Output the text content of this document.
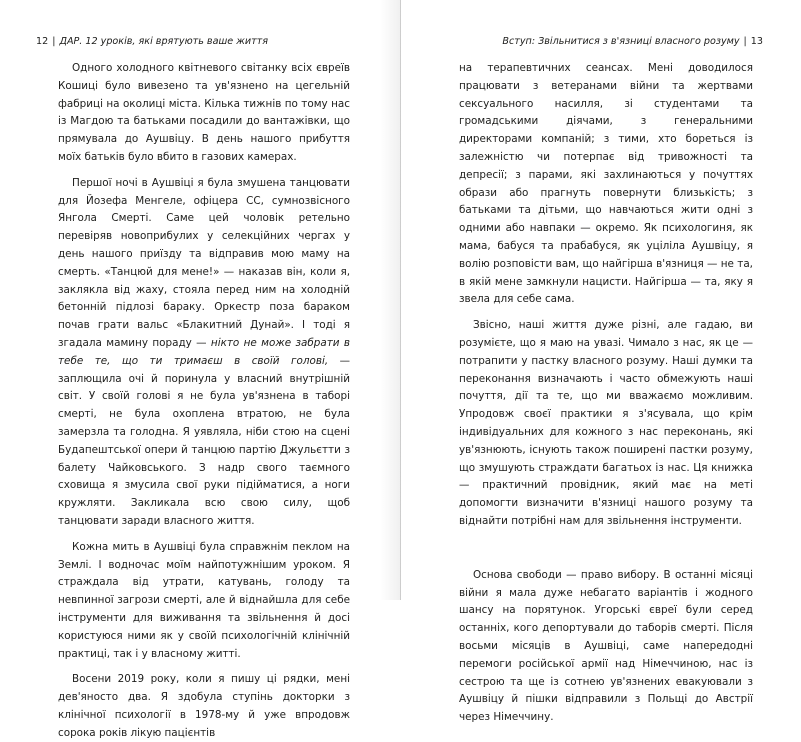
12 | ДАР. 12 уроків, які врятують ваше життя

Одного холодного квітневого світанку всіх євреїв Кошиці було вивезено та ув'язнено на цегельній фабриці на околиці міста. Кілька тижнів по тому нас із Магдою та батьками посадили до вантажівки, що прямувала до Аушвіцу. В день нашого прибуття моїх батьків було вбито в газових камерах.

Першої ночі в Аушвіці я була змушена танцювати для Йозефа Менгеле, офіцера СС, сумнозвісного Янгола Смерті. Саме цей чоловік ретельно перевіряв новоприбулих у селекційних чергах у день нашого приїзду та відправив мою маму на смерть. «Танцюй для мене!» — наказав він, коли я, закляклa від жаху, стояла перед ним на холодній бетонній підлозі бараку. Оркестр поза бараком почав грати вальс «Блакитний Дунай». І тоді я згадала мамину пораду — нікто не може забрати в тебе те, що ти тримаєш в своїй голові, — заплющила очі й поринула у власний внутрішній світ. У своїй голові я не була ув'язнена в таборі смерті, не була охоплена втратою, не була замерзла та голодна. Я уявляла, ніби стою на сцені Будапештської опери й танцюю партію Джульєтти з балету Чайковського. З надр свого таємного сховища я змусила свої руки підійматися, а ноги кружляти. Закликала всю свою силу, щоб танцювати заради власного життя.

Кожна мить в Аушвіці була справжнім пеклом на Землі. І водночас моїм найпотужнішим уроком. Я страждала від утрати, катувань, голоду та невпинної загрози смерті, але й віднайшла для себе інструменти для виживання та звільнення й досі користуюся ними як у своїй психологічній клінічній практиці, так і у власному житті.

Восени 2019 року, коли я пишу ці рядки, мені дев'яносто два. Я здобула ступінь докторки з клінічної психології в 1978-му й уже впродовж сорока років лікую пацієнтів

Вступ: Звільнитися з в'язниці власного розуму | 13

на терапевтичних сеансах. Мені доводилося працювати з ветеранами війни та жертвами сексуального насилля, зі студентами та громадськими діячами, з генеральними директорами компаній; з тими, хто бореться із залежністю чи потерпає від тривожності та депресії; з парами, які захлинаються у почуттях образи або прагнуть повернути близькість; з батьками та дітьми, що навчаються жити одні з одними або навпаки — окремо. Як психологиня, як мама, бабуся та прабабуся, як уцілiла Аушвіцу, я волію розповісти вам, що найгірша в'язниця — не та, в якій мене замкнули нацисти. Найгірша — та, яку я звела для себе сама.

Звісно, наші життя дуже різні, але гадаю, ви розумієте, що я маю на увазі. Чимало з нас, як це — потрапити у пастку власного розуму. Наші думки та переконання визначають і часто обмежують наші почуття, дії та те, що ми вважаємо можливим. Упродовж своєї практики я з'ясувала, що крім індивідуальних для кожного з нас переконань, які ув'язнюють, існують також поширені пастки розуму, що змушують страждати багатьох із нас. Ця книжка — практичний провідник, який має на меті допомогти визначити в'язниці нашого розуму та віднайти потрібні нам для звільнення інструменти.

Основа свободи — право вибору. В останні місяці війни я мала дуже небагато варіантів і жодного шансу на порятунок. Угорські євреї були серед останніх, кого депортували до таборів смерті. Після восьми місяців в Аушвіці, саме напередодні перемоги російської армії над Німеччиною, нас із сестрою та ще із сотнею ув'язнених евакуювали з Аушвіцу й пішки відправили з Польщі до Австрії через Німеччину.
